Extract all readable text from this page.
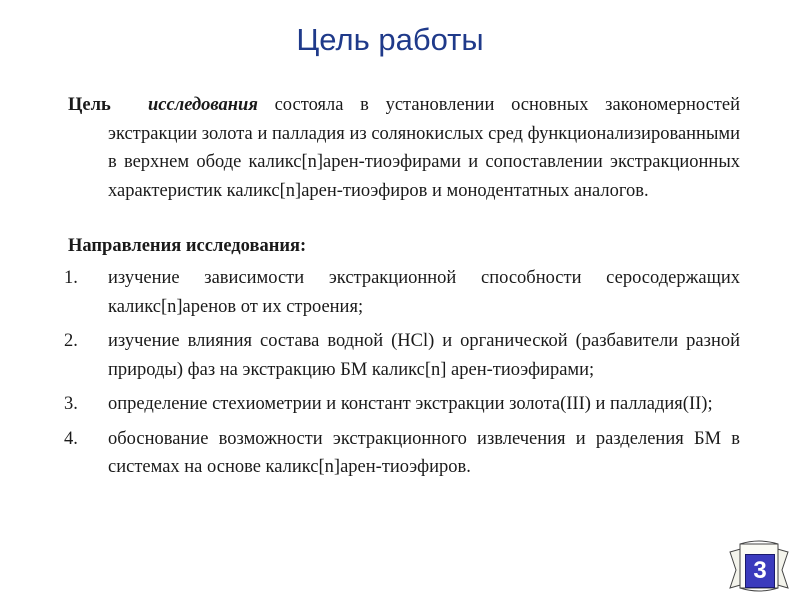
Цель работы
Цель исследования состояла в установлении основных закономерностей экстракции золота и палладия из солянокислых сред функционализированными в верхнем ободе каликс[n]арен-тиоэфирами и сопоставлении экстракционных характеристик каликс[n]арен-тиоэфиров и монодентатных аналогов.
Направления исследования:
1. изучение зависимости экстракционной способности серосодержащих каликс[n]аренов от их строения;
2. изучение влияния состава водной (HCl) и органической (разбавители разной природы) фаз на экстракцию БМ каликс[n] арен-тиоэфирами;
3. определение стехиометрии и констант экстракции золота(III) и палладия(II);
4. обоснование возможности экстракционного извлечения и разделения БМ в системах на основе каликс[n]арен-тиоэфиров.
3
